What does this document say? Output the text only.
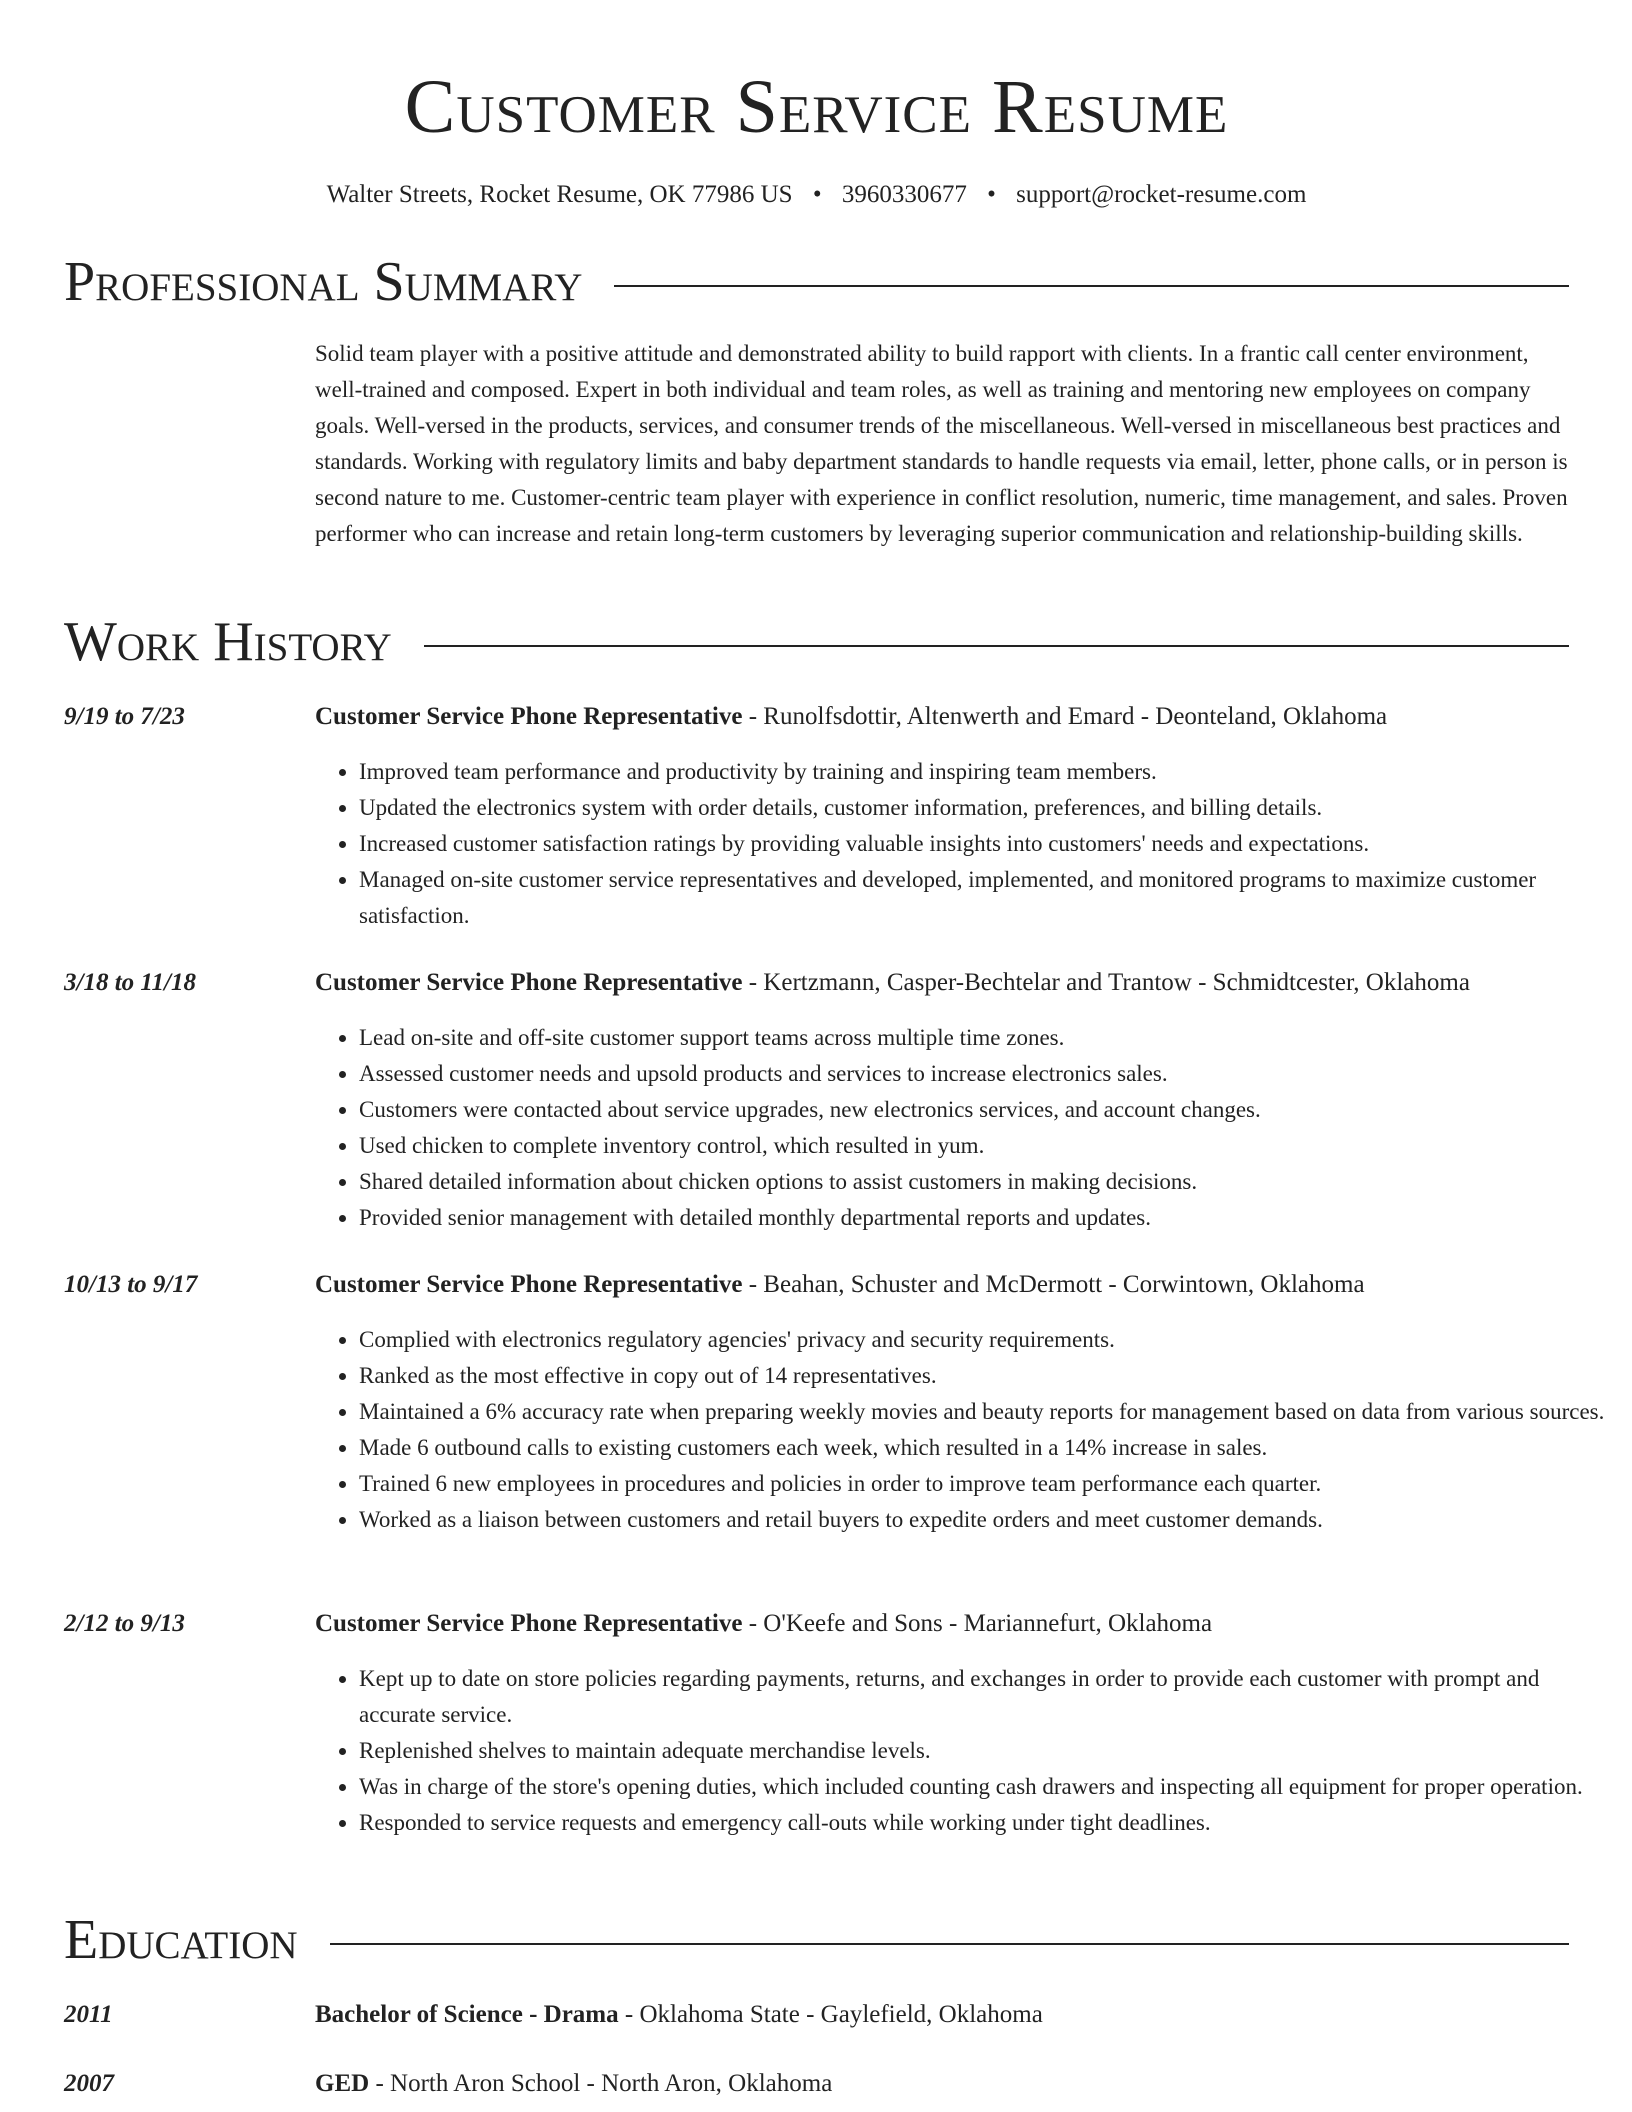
Customer Service Resume
Walter Streets, Rocket Resume, OK 77986 US • 3960330677 • support@rocket-resume.com
Professional Summary
Solid team player with a positive attitude and demonstrated ability to build rapport with clients. In a frantic call center environment, well-trained and composed. Expert in both individual and team roles, as well as training and mentoring new employees on company goals. Well-versed in the products, services, and consumer trends of the miscellaneous. Well-versed in miscellaneous best practices and standards. Working with regulatory limits and baby department standards to handle requests via email, letter, phone calls, or in person is second nature to me. Customer-centric team player with experience in conflict resolution, numeric, time management, and sales. Proven performer who can increase and retain long-term customers by leveraging superior communication and relationship-building skills.
Work History
9/19 to 7/23	Customer Service Phone Representative - Runolfsdottir, Altenwerth and Emard - Deonteland, Oklahoma
• Improved team performance and productivity by training and inspiring team members.
• Updated the electronics system with order details, customer information, preferences, and billing details.
• Increased customer satisfaction ratings by providing valuable insights into customers' needs and expectations.
• Managed on-site customer service representatives and developed, implemented, and monitored programs to maximize customer satisfaction.
3/18 to 11/18	Customer Service Phone Representative - Kertzmann, Casper-Bechtelar and Trantow - Schmidtcester, Oklahoma
• Lead on-site and off-site customer support teams across multiple time zones.
• Assessed customer needs and upsold products and services to increase electronics sales.
• Customers were contacted about service upgrades, new electronics services, and account changes.
• Used chicken to complete inventory control, which resulted in yum.
• Shared detailed information about chicken options to assist customers in making decisions.
• Provided senior management with detailed monthly departmental reports and updates.
10/13 to 9/17	Customer Service Phone Representative - Beahan, Schuster and McDermott - Corwintown, Oklahoma
• Complied with electronics regulatory agencies' privacy and security requirements.
• Ranked as the most effective in copy out of 14 representatives.
• Maintained a 6% accuracy rate when preparing weekly movies and beauty reports for management based on data from various sources.
• Made 6 outbound calls to existing customers each week, which resulted in a 14% increase in sales.
• Trained 6 new employees in procedures and policies in order to improve team performance each quarter.
• Worked as a liaison between customers and retail buyers to expedite orders and meet customer demands.
2/12 to 9/13	Customer Service Phone Representative - O'Keefe and Sons - Mariannefurt, Oklahoma
• Kept up to date on store policies regarding payments, returns, and exchanges in order to provide each customer with prompt and accurate service.
• Replenished shelves to maintain adequate merchandise levels.
• Was in charge of the store's opening duties, which included counting cash drawers and inspecting all equipment for proper operation.
• Responded to service requests and emergency call-outs while working under tight deadlines.
Education
2011	Bachelor of Science - Drama - Oklahoma State - Gaylefield, Oklahoma
2007	GED - North Aron School - North Aron, Oklahoma
